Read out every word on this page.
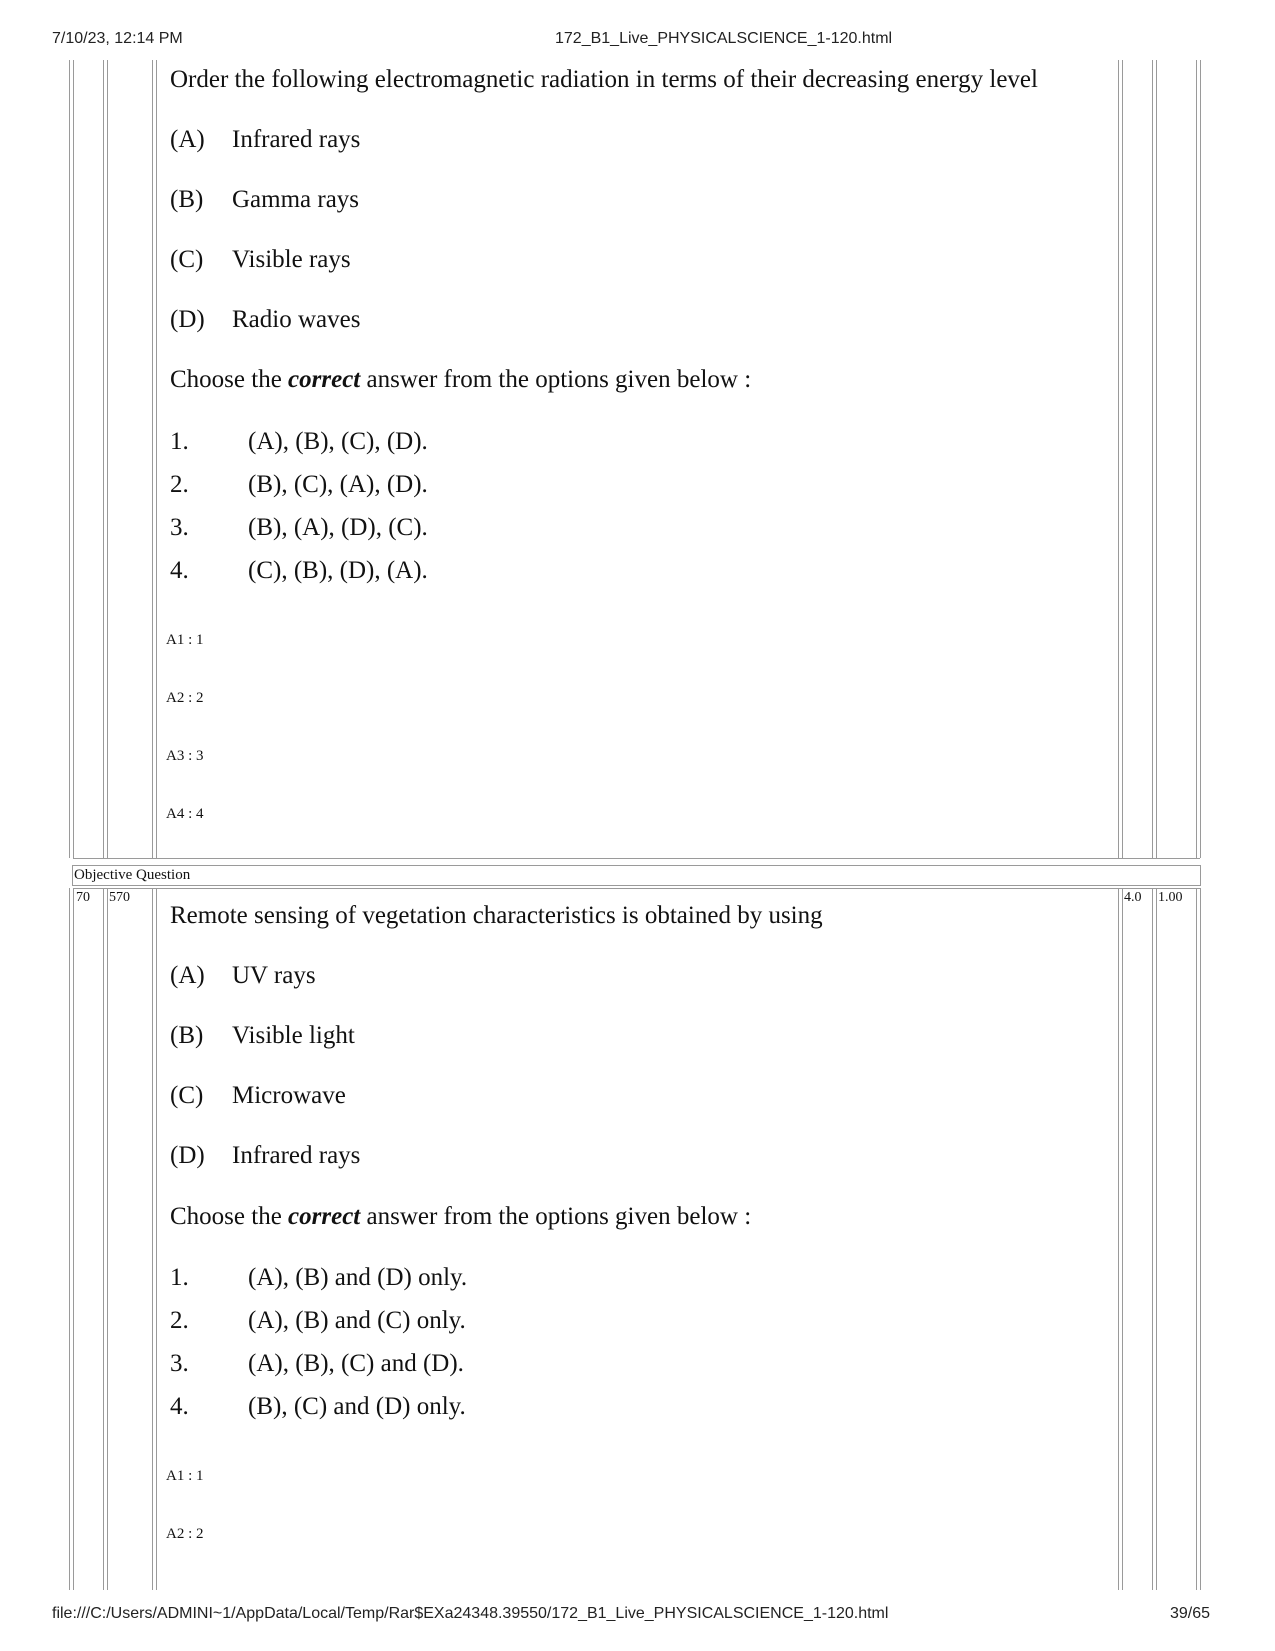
7/10/23, 12:14 PM	172_B1_Live_PHYSICALSCIENCE_1-120.html
Order the following electromagnetic radiation in terms of their decreasing energy level
(A) Infrared rays
(B) Gamma rays
(C) Visible rays
(D) Radio waves
Choose the correct answer from the options given below :
1. (A), (B), (C), (D).
2. (B), (C), (A), (D).
3. (B), (A), (D), (C).
4. (C), (B), (D), (A).
A1 : 1
A2 : 2
A3 : 3
A4 : 4
Objective Question
70 570	4.0 1.00
Remote sensing of vegetation characteristics is obtained by using
(A) UV rays
(B) Visible light
(C) Microwave
(D) Infrared rays
Choose the correct answer from the options given below :
1. (A), (B) and (D) only.
2. (A), (B) and (C) only.
3. (A), (B), (C) and (D).
4. (B), (C) and (D) only.
A1 : 1
A2 : 2
file:///C:/Users/ADMINI~1/AppData/Local/Temp/Rar$EXa24348.39550/172_B1_Live_PHYSICALSCIENCE_1-120.html	39/65
